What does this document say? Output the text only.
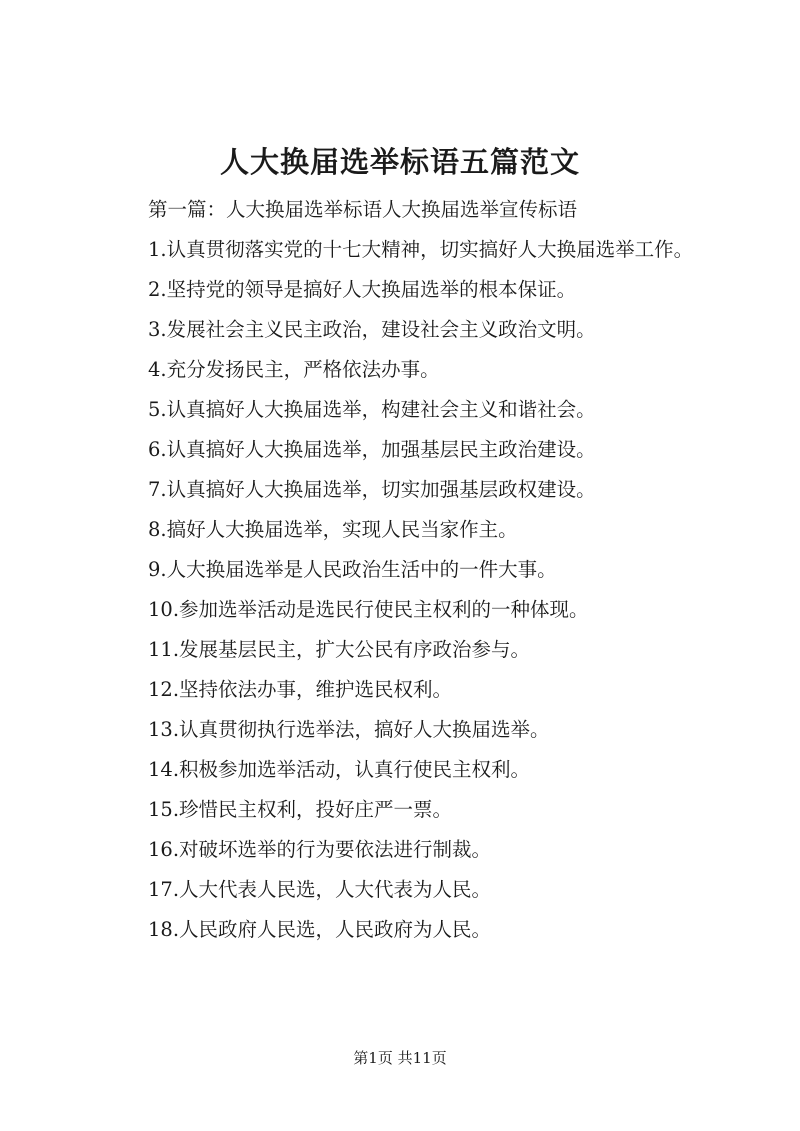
人大换届选举标语五篇范文

第一篇：人大换届选举标语人大换届选举宣传标语

1.认真贯彻落实党的十七大精神，切实搞好人大换届选举工作。

2.坚持党的领导是搞好人大换届选举的根本保证。

3.发展社会主义民主政治，建设社会主义政治文明。

4.充分发扬民主，严格依法办事。

5.认真搞好人大换届选举，构建社会主义和谐社会。

6.认真搞好人大换届选举，加强基层民主政治建设。

7.认真搞好人大换届选举，切实加强基层政权建设。

8.搞好人大换届选举，实现人民当家作主。

9.人大换届选举是人民政治生活中的一件大事。

10.参加选举活动是选民行使民主权利的一种体现。

11.发展基层民主，扩大公民有序政治参与。

12.坚持依法办事，维护选民权利。

13.认真贯彻执行选举法，搞好人大换届选举。

14.积极参加选举活动，认真行使民主权利。

15.珍惜民主权利，投好庄严一票。

16.对破坏选举的行为要依法进行制裁。

17.人大代表人民选，人大代表为人民。

18.人民政府人民选，人民政府为人民。

第1页 共11页
